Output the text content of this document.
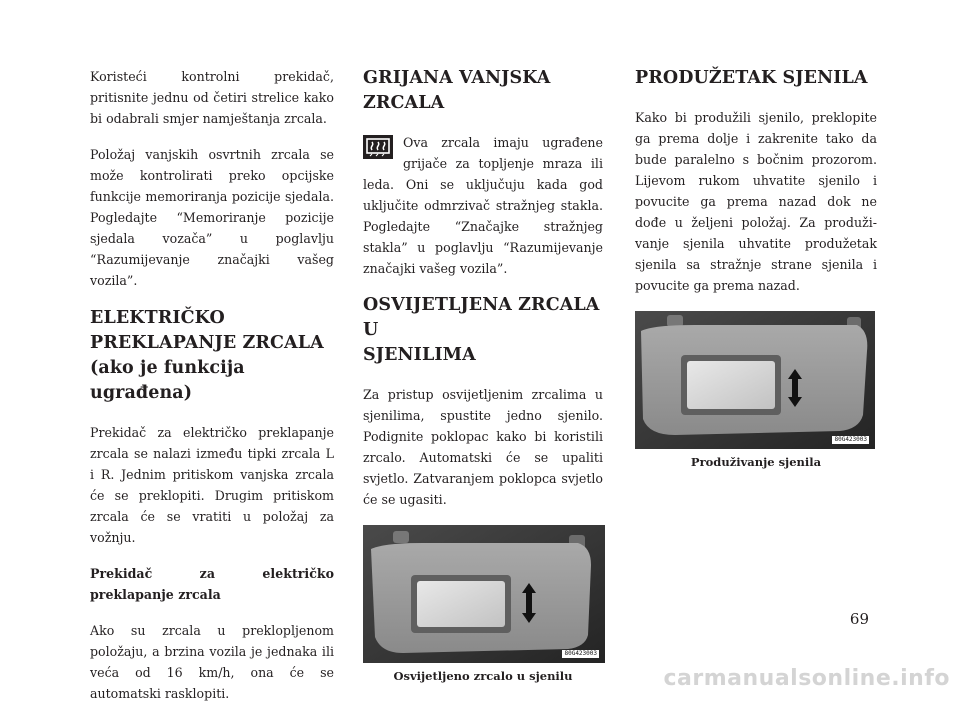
Koristeći kontrolni prekidač, pritisnite jednu od četiri strelice kako bi odabrali smjer namještanja zrcala.

Položaj vanjskih osvrtnih zrcala se može kontrolirati preko opcijske funkcije memoriranja pozicije sjedala. Pogledajte “Memoriranje pozicije sjedala vozača” u poglavlju “Razumijevanje značajki vašeg vozila”.

ELEKTRIČKO
PREKLAPANJE ZRCALA
(ako je funkcija ugrađena)

Prekidač za električko preklapanje zrcala se nalazi između tipki zrcala L i R. Jednim pritiskom vanjska zrcala će se preklopiti. Drugim pritiskom zrcala će se vratiti u položaj za vožnju.

Prekidač za električko preklapanje zrcala

Ako su zrcala u preklopljenom položaju, a brzina vozila je jednaka ili veća od 16 km/h, ona će se automatski rasklopiti.

GRIJANA VANJSKA ZRCALA

Ova zrcala imaju ugrađene grijače za topljenje mraza ili leda. Oni se uključuju kada god uključite odmrzivač stražnjeg stakla. Pogledajte “Značajke stražnjeg stakla” u poglavlju “Razumijevanje značajki vašeg vozila”.

OSVIJETLJENA ZRCALA U
SJENILIMA

Za pristup osvijetljenim zrcalima u sjenilima, spustite jedno sjenilo. Podignite poklopac kako bi koristili zrcalo. Automatski će se upaliti svjetlo. Zatvaranjem poklopca svjetlo će se ugasiti.

80G423003
Osvijetljeno zrcalo u sjenilu
PRODUŽETAK SJENILA

Kako bi produžili sjenilo, preklopite ga prema dolje i zakrenite tako da bude paralelno s bočnim prozorom. Lijevom rukom uhvatite sjenilo i povucite ga prema nazad dok ne dođe u željeni položaj. Za produživanje sjenila uhvatite produžetak sjenila sa stražnje strane sjenila i povucite ga prema nazad.

80G423003
Produživanje sjenila
69
carmanualsonline.info
